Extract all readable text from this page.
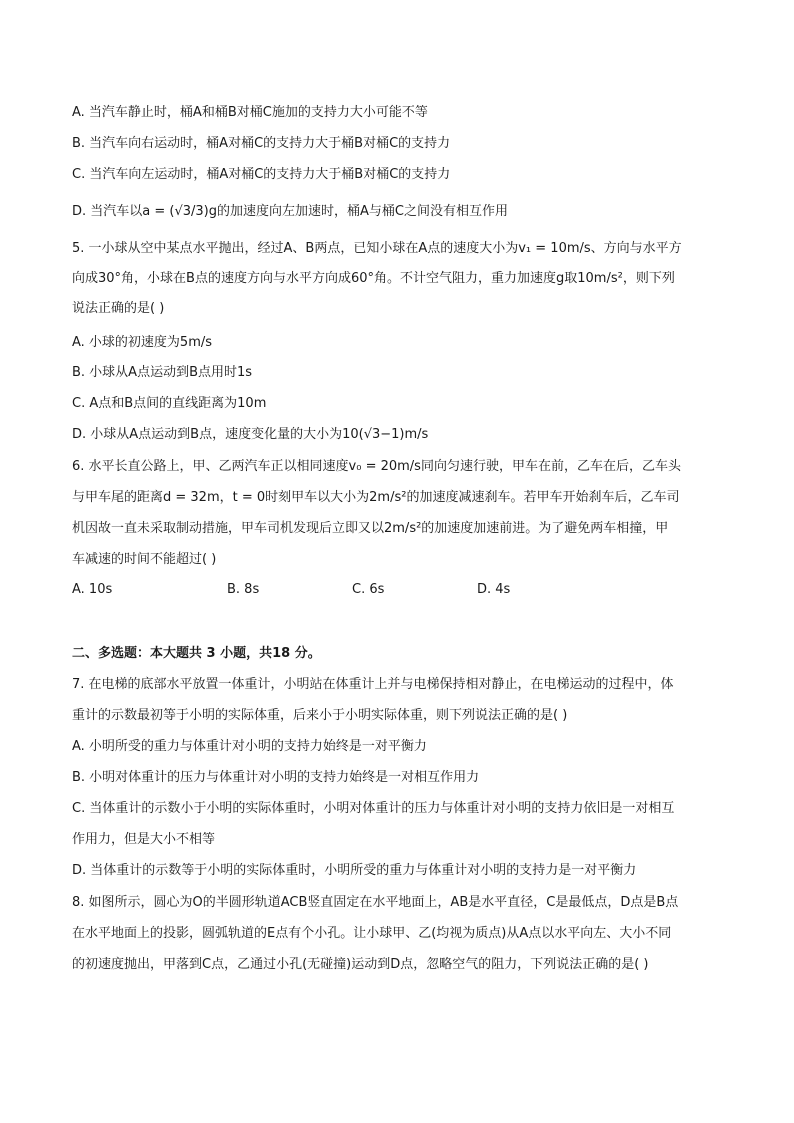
A. 当汽车静止时，桶A和桶B对桶C施加的支持力大小可能不等
B. 当汽车向右运动时，桶A对桶C的支持力大于桶B对桶C的支持力
C. 当汽车向左运动时，桶A对桶C的支持力大于桶B对桶C的支持力
D. 当汽车以a = (√3/3)g的加速度向左加速时，桶A与桶C之间没有相互作用
5. 一小球从空中某点水平抛出，经过A、B两点，已知小球在A点的速度大小为v₁ = 10m/s、方向与水平方
向成30°角，小球在B点的速度方向与水平方向成60°角。不计空气阻力，重力加速度g取10m/s²，则下列
说法正确的是( )
A. 小球的初速度为5m/s
B. 小球从A点运动到B点用时1s
C. A点和B点间的直线距离为10m
D. 小球从A点运动到B点，速度变化量的大小为10(√3−1)m/s
6. 水平长直公路上，甲、乙两汽车正以相同速度v₀ = 20m/s同向匀速行驶，甲车在前，乙车在后，乙车头
与甲车尾的距离d = 32m，t = 0时刻甲车以大小为2m/s²的加速度减速刹车。若甲车开始刹车后，乙车司
机因故一直未采取制动措施，甲车司机发现后立即又以2m/s²的加速度加速前进。为了避免两车相撞，甲
车减速的时间不能超过( )
A. 10s	B. 8s	C. 6s	D. 4s
二、多选题：本大题共 3 小题，共18 分。
7. 在电梯的底部水平放置一体重计，小明站在体重计上并与电梯保持相对静止，在电梯运动的过程中，体
重计的示数最初等于小明的实际体重，后来小于小明实际体重，则下列说法正确的是( )
A. 小明所受的重力与体重计对小明的支持力始终是一对平衡力
B. 小明对体重计的压力与体重计对小明的支持力始终是一对相互作用力
C. 当体重计的示数小于小明的实际体重时，小明对体重计的压力与体重计对小明的支持力依旧是一对相互
作用力，但是大小不相等
D. 当体重计的示数等于小明的实际体重时，小明所受的重力与体重计对小明的支持力是一对平衡力
8. 如图所示，圆心为O的半圆形轨道ACB竖直固定在水平地面上，AB是水平直径，C是最低点，D点是B点
在水平地面上的投影，圆弧轨道的E点有个小孔。让小球甲、乙(均视为质点)从A点以水平向左、大小不同
的初速度抛出，甲落到C点，乙通过小孔(无碰撞)运动到D点，忽略空气的阻力，下列说法正确的是( )
